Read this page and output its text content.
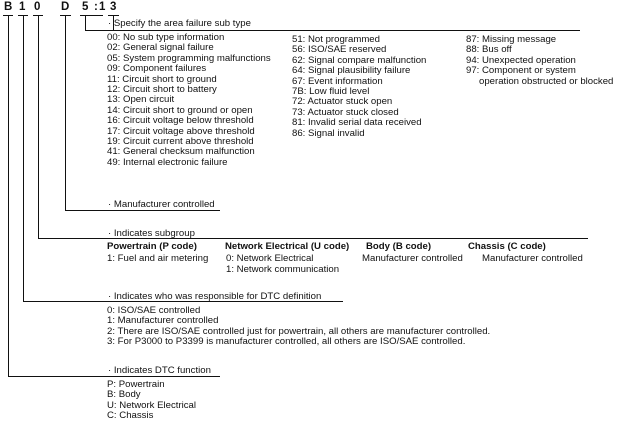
B 1 0 D 5 : 1 3
· Specify the area failure sub type
00: No sub type information
02: General signal failure
05: System programming malfunctions
09: Component failures
11: Circuit short to ground
12: Circuit short to battery
13: Open circuit
14: Circuit short to ground or open
16: Circuit voltage below threshold
17: Circuit voltage above threshold
19: Circuit current above threshold
41: General checksum malfunction
49: Internal electronic failure
51: Not programmed
56: ISO/SAE reserved
62: Signal compare malfunction
64: Signal plausibility failure
67: Event information
7B: Low fluid level
72: Actuator stuck open
73: Actuator stuck closed
81: Invalid serial data received
86: Signal invalid
87: Missing message
88: Bus off
94: Unexpected operation
97: Component or system
operation obstructed or blocked
· Manufacturer controlled
· Indicates subgroup
Powertrain (P code)	Network Electrical (U code) Body (B code)	Chassis (C code)
1: Fuel and air metering 0: Network Electrical
1: Network communication
Manufacturer controlled Manufacturer controlled
· Indicates who was responsible for DTC definition
0: ISO/SAE controlled
1: Manufacturer controlled
2: There are ISO/SAE controlled just for powertrain, all others are manufacturer controlled.
3: For P3000 to P3399 is manufacturer controlled, all others are ISO/SAE controlled.
· Indicates DTC function
P: Powertrain
B: Body
U: Network Electrical
C: Chassis
